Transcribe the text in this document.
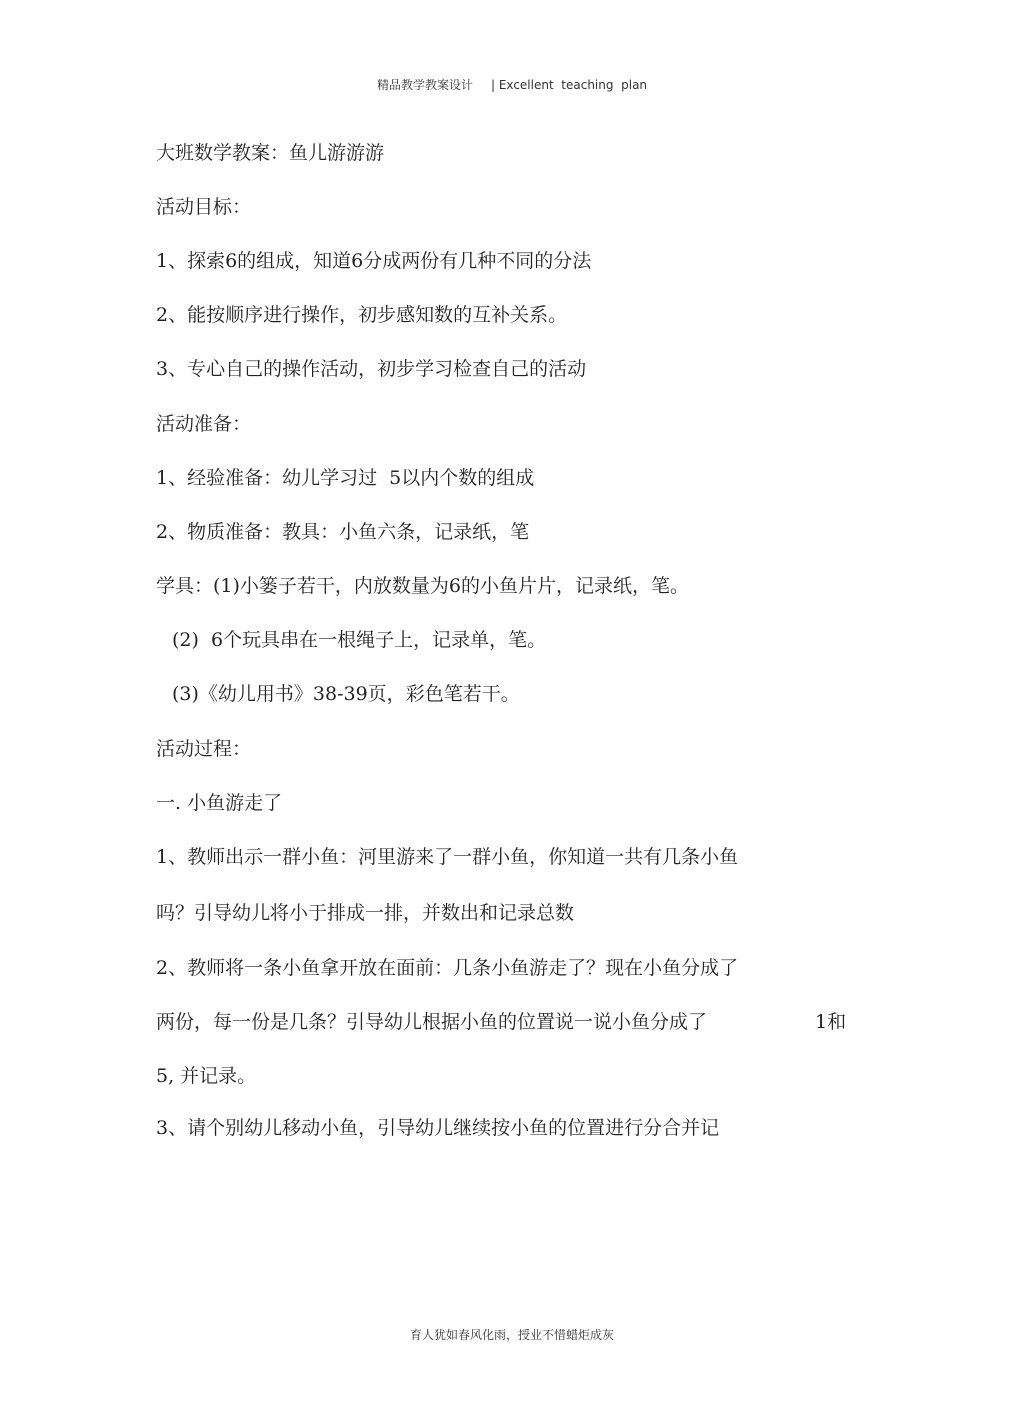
精品教学教案设计 | Excellent  teaching  plan
大班数学教案：鱼儿游游游
活动目标：
1、探索6的组成，知道6分成两份有几种不同的分法
2、能按顺序进行操作，初步感知数的互补关系。
3、专心自己的操作活动，初步学习检查自己的活动
活动准备：
1、经验准备：幼儿学习过  5以内个数的组成
2、物质准备：教具：小鱼六条，记录纸，笔
学具：(1)小篓子若干，内放数量为6的小鱼片片，记录纸，笔。
(2)  6个玩具串在一根绳子上，记录单，笔。
(3)《幼儿用书》38-39页，彩色笔若干。
活动过程：
一. 小鱼游走了
1、教师出示一群小鱼：河里游来了一群小鱼，你知道一共有几条小鱼
吗？引导幼儿将小于排成一排，并数出和记录总数
2、教师将一条小鱼拿开放在面前：几条小鱼游走了？现在小鱼分成了
两份，每一份是几条？引导幼儿根据小鱼的位置说一说小鱼分成了	1和
5, 并记录。
3、请个别幼儿移动小鱼，引导幼儿继续按小鱼的位置进行分合并记
育人犹如春风化雨，授业不惜蜡炬成灰
